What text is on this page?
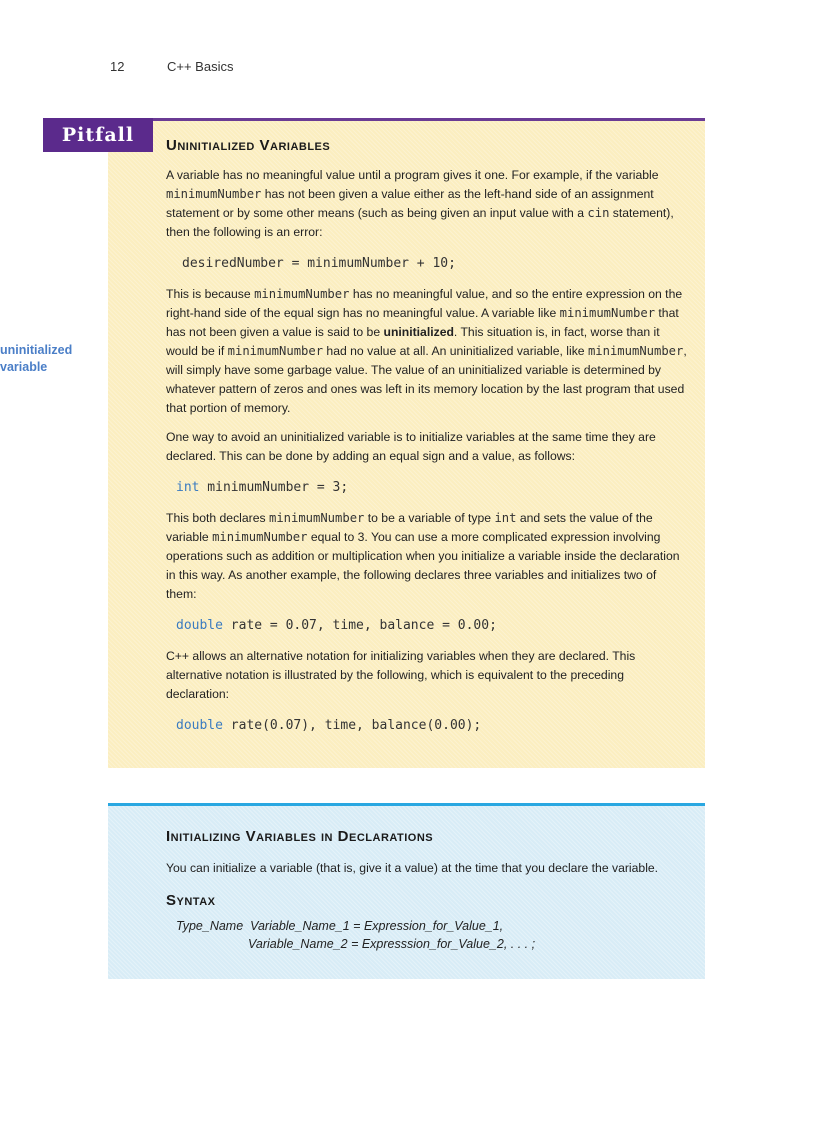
12	C++ Basics
Uninitialized Variables

A variable has no meaningful value until a program gives it one. For example, if the variable minimumNumber has not been given a value either as the left-hand side of an assignment statement or by some other means (such as being given an input value with a cin statement), then the following is an error:

desiredNumber = minimumNumber + 10;

This is because minimumNumber has no meaningful value, and so the entire expression on the right-hand side of the equal sign has no meaningful value. A variable like minimumNumber that has not been given a value is said to be uninitialized. This situation is, in fact, worse than it would be if minimumNumber had no value at all. An uninitialized variable, like minimumNumber, will simply have some garbage value. The value of an uninitialized variable is determined by whatever pattern of zeros and ones was left in its memory location by the last program that used that portion of memory.

One way to avoid an uninitialized variable is to initialize variables at the same time they are declared. This can be done by adding an equal sign and a value, as follows:

int minimumNumber = 3;

This both declares minimumNumber to be a variable of type int and sets the value of the variable minimumNumber equal to 3. You can use a more complicated expression involving operations such as addition or multiplication when you initialize a variable inside the declaration in this way. As another example, the following declares three variables and initializes two of them:

double rate = 0.07, time, balance = 0.00;

C++ allows an alternative notation for initializing variables when they are declared. This alternative notation is illustrated by the following, which is equivalent to the preceding declaration:

double rate(0.07), time, balance(0.00);
Pitfall
uninitialized
variable
Initializing Variables in Declarations

You can initialize a variable (that is, give it a value) at the time that you declare the variable.

Syntax
Type_Name  Variable_Name_1 = Expression_for_Value_1,
Variable_Name_2 = Expresssion_for_Value_2, . . . ;
